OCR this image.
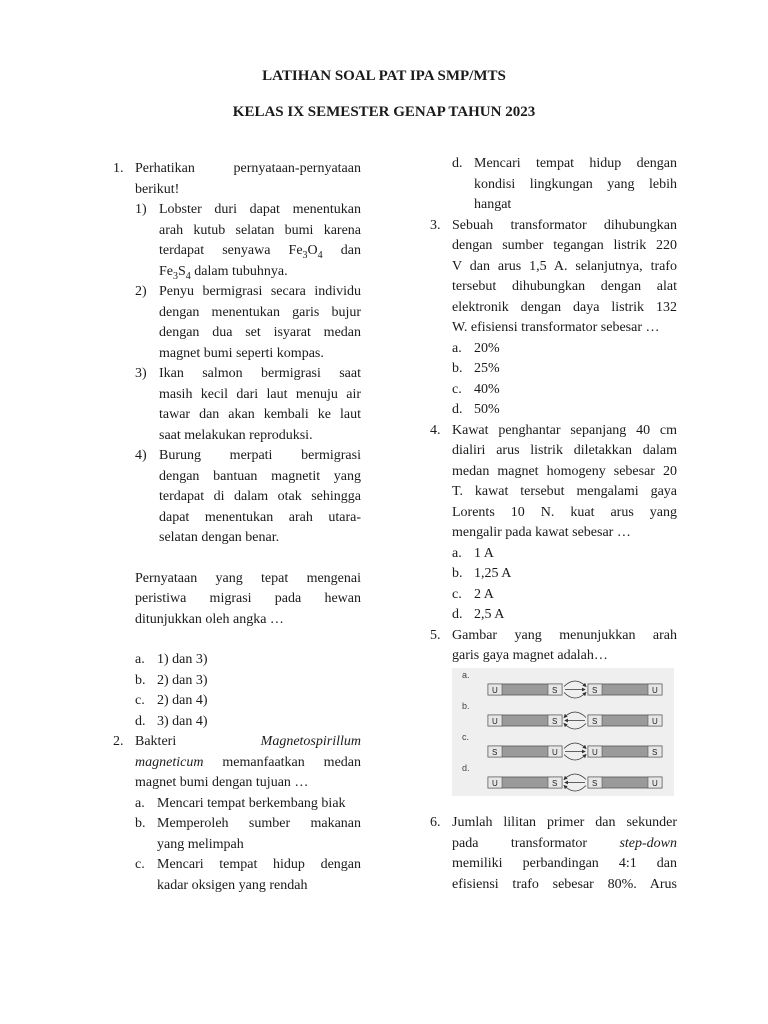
LATIHAN SOAL PAT IPA SMP/MTS
KELAS IX SEMESTER GENAP TAHUN 2023
1. Perhatikan pernyataan-pernyataan
berikut!
1) Lobster duri dapat menentukan
arah kutub selatan bumi karena
terdapat senyawa $Fe_3O_4$ dan
$Fe_3S_4$ dalam tubuhnya.
2) Penyu bermigrasi secara individu
dengan menentukan garis bujur
dengan dua set isyarat medan
magnet bumi seperti kompas.
3) Ikan salmon bermigrasi saat
masih kecil dari laut menuju air
tawar dan akan kembali ke laut
saat melakukan reproduksi.
4) Burung merpati bermigrasi
dengan bantuan magnetit yang
terdapat di dalam otak sehingga
dapat menentukan arah utara-
selatan dengan benar.
Pernyataan yang tepat mengenai
peristiwa migrasi pada hewan
ditunjukkan oleh angka …
a. 1) dan 3)
b. 2) dan 3)
c. 2) dan 4)
d. 3) dan 4)
2. Bakteri	Magnetospirillum
magneticum memanfaatkan medan
magnet bumi dengan tujuan …
a. Mencari tempat berkembang biak
b. Memperoleh sumber makanan
yang melimpah
c. Mencari tempat hidup dengan
kadar oksigen yang rendah
d. Mencari tempat hidup dengan
kondisi lingkungan yang lebih
hangat
3. Sebuah transformator dihubungkan
dengan sumber tegangan listrik 220
V dan arus 1,5 A. selanjutnya, trafo
tersebut dihubungkan dengan alat
elektronik dengan daya listrik 132
W. efisiensi transformator sebesar …
a. 20%
b. 25%
c. 40%
d. 50%
4. Kawat penghantar sepanjang 40 cm
dialiri arus listrik diletakkan dalam
medan magnet homogeny sebesar 20
T. kawat tersebut mengalami gaya
Lorents 10 N. kuat arus yang
mengalir pada kawat sebesar …
a. 1 A
b. 1,25 A
c. 2 A
d. 2,5 A
5. Gambar yang menunjukkan arah
garis gaya magnet adalah…
a.
U	S	S	U
b.
U	S	S	U
c.
S	U	U	S
d.
U	S	S	U
6. Jumlah lilitan primer dan sekunder
pada transformator step-down
memiliki perbandingan 4:1 dan
efisiensi trafo sebesar 80%. Arus
